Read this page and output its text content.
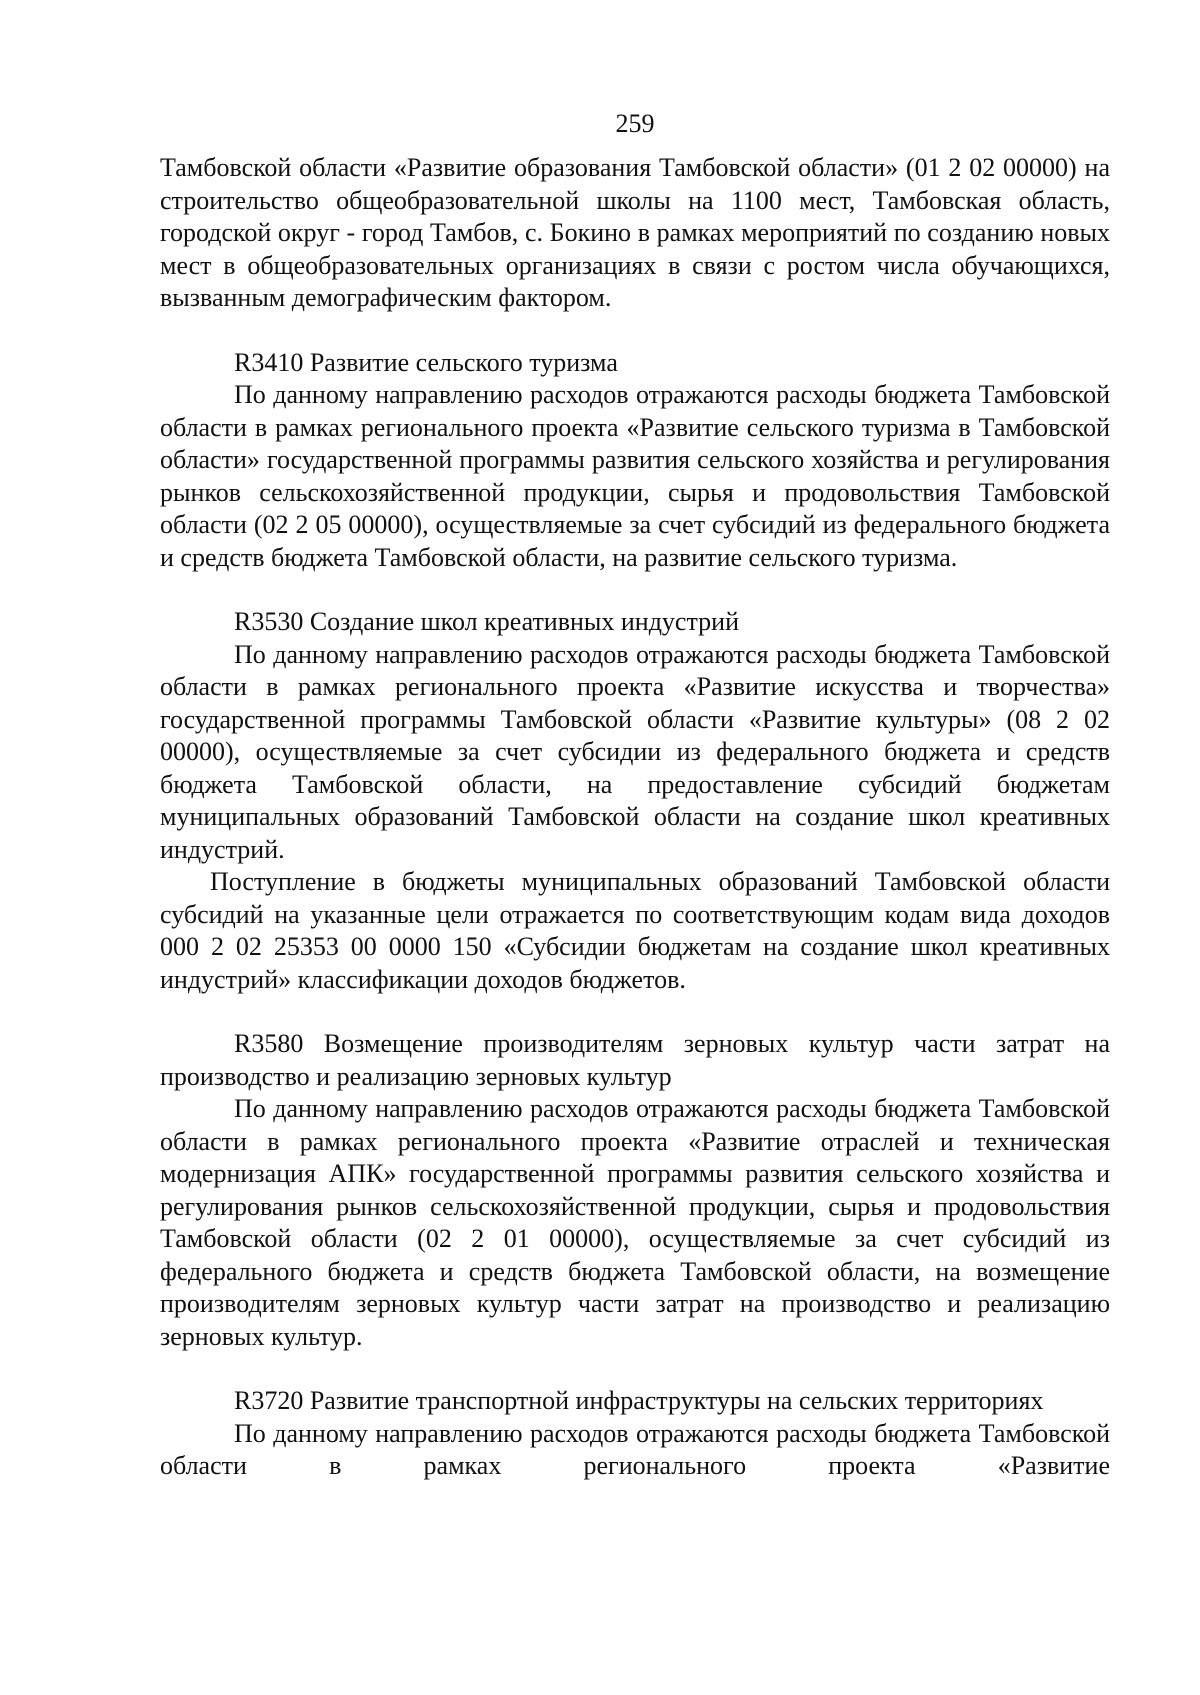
259

Тамбовской области «Развитие образования Тамбовской области» (01 2 02 00000) на строительство общеобразовательной школы на 1100 мест, Тамбовская область, городской округ - город Тамбов, с. Бокино в рамках мероприятий по созданию новых мест в общеобразовательных организациях в связи с ростом числа обучающихся, вызванным демографическим фактором.

R3410 Развитие сельского туризма

По данному направлению расходов отражаются расходы бюджета Тамбовской области в рамках регионального проекта «Развитие сельского туризма в Тамбовской области» государственной программы развития сельского хозяйства и регулирования рынков сельскохозяйственной продукции, сырья и продовольствия Тамбовской области (02 2 05 00000), осуществляемые за счет субсидий из федерального бюджета и средств бюджета Тамбовской области, на развитие сельского туризма.

R3530 Создание школ креативных индустрий

По данному направлению расходов отражаются расходы бюджета Тамбовской области в рамках регионального проекта «Развитие искусства и творчества» государственной программы Тамбовской области «Развитие культуры» (08 2 02 00000), осуществляемые за счет субсидии из федерального бюджета и средств бюджета Тамбовской области, на предоставление субсидий бюджетам муниципальных образований Тамбовской области на создание школ креативных индустрий.

Поступление в бюджеты муниципальных образований Тамбовской области субсидий на указанные цели отражается по соответствующим кодам вида доходов 000 2 02 25353 00 0000 150 «Субсидии бюджетам на создание школ креативных индустрий» классификации доходов бюджетов.

R3580 Возмещение производителям зерновых культур части затрат на производство и реализацию зерновых культур

По данному направлению расходов отражаются расходы бюджета Тамбовской области в рамках регионального проекта «Развитие отраслей и техническая модернизация АПК» государственной программы развития сельского хозяйства и регулирования рынков сельскохозяйственной продукции, сырья и продовольствия Тамбовской области (02 2 01 00000), осуществляемые за счет субсидий из федерального бюджета и средств бюджета Тамбовской области, на возмещение производителям зерновых культур части затрат на производство и реализацию зерновых культур.

R3720 Развитие транспортной инфраструктуры на сельских территориях

По данному направлению расходов отражаются расходы бюджета Тамбовской области в рамках регионального проекта «Развитие
